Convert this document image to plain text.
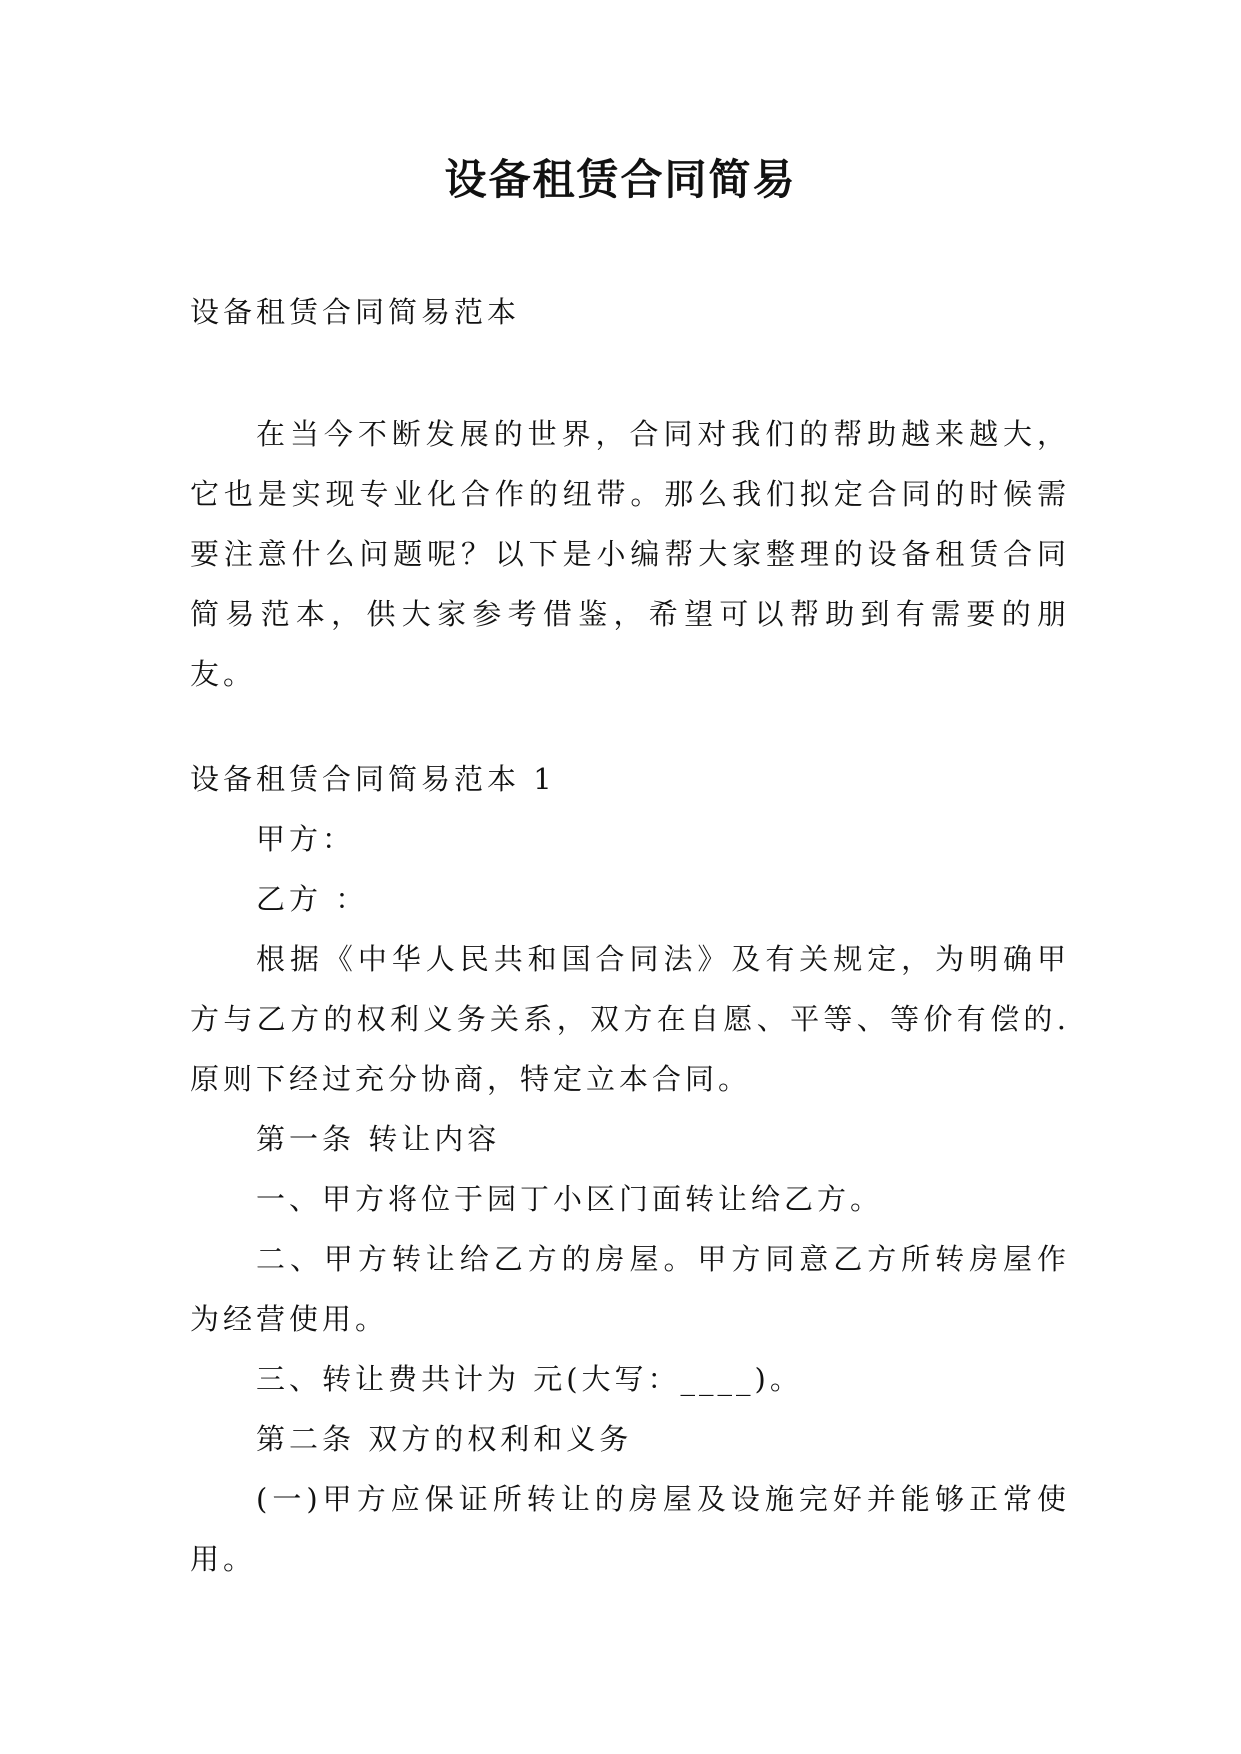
设备租赁合同简易
设备租赁合同简易范本

在当今不断发展的世界，合同对我们的帮助越来越大，它也是实现专业化合作的纽带。那么我们拟定合同的时候需要注意什么问题呢？以下是小编帮大家整理的设备租赁合同简易范本，供大家参考借鉴，希望可以帮助到有需要的朋友。

设备租赁合同简易范本 1

甲方：

乙方 ：

根据《中华人民共和国合同法》及有关规定，为明确甲方与乙方的权利义务关系，双方在自愿、平等、等价有偿的.原则下经过充分协商，特定立本合同。

第一条 转让内容

一、甲方将位于园丁小区门面转让给乙方。

二、甲方转让给乙方的房屋。甲方同意乙方所转房屋作为经营使用。

三、转让费共计为 元(大写：____)。

第二条 双方的权利和义务

(一)甲方应保证所转让的房屋及设施完好并能够正常使用。
